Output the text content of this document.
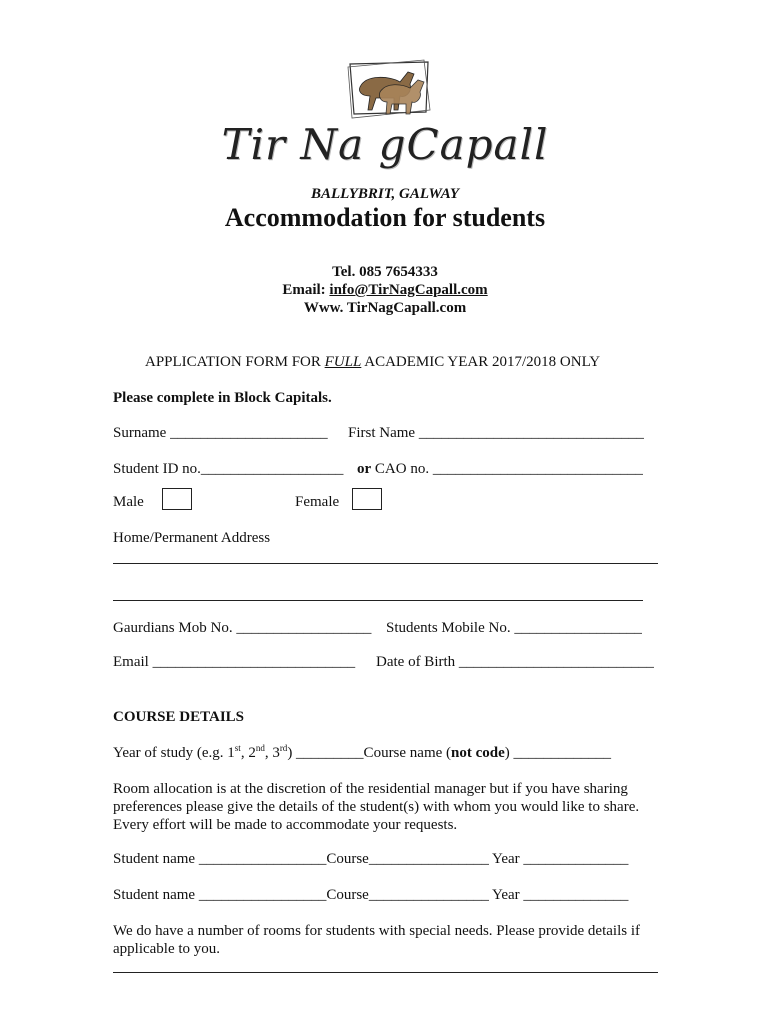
Tir Na gCapall
BALLYBRIT, GALWAY
Accommodation for students
Tel. 085 7654333
Email: info@TirNagCapall.com
Www. TirNagCapall.com
APPLICATION FORM FOR FULL ACADEMIC YEAR 2017/2018 ONLY
Please complete in Block Capitals.
Surname _____________________ First Name ______________________________
Student ID no.___________________ or CAO no. ____________________________
Male	Female
Home/Permanent Address
Gaurdians Mob No. __________________ Students Mobile No. _________________
Email ___________________________ Date of Birth __________________________
COURSE DETAILS
Year of study (e.g. 1st, 2nd, 3rd) _________Course name (not code) _____________
Room allocation is at the discretion of the residential manager but if you have sharing preferences please give the details of the student(s) with whom you would like to share. Every effort will be made to accommodate your requests.
Student name _________________Course________________ Year ______________
Student name _________________Course________________ Year ______________
We do have a number of rooms for students with special needs. Please provide details if applicable to you.
